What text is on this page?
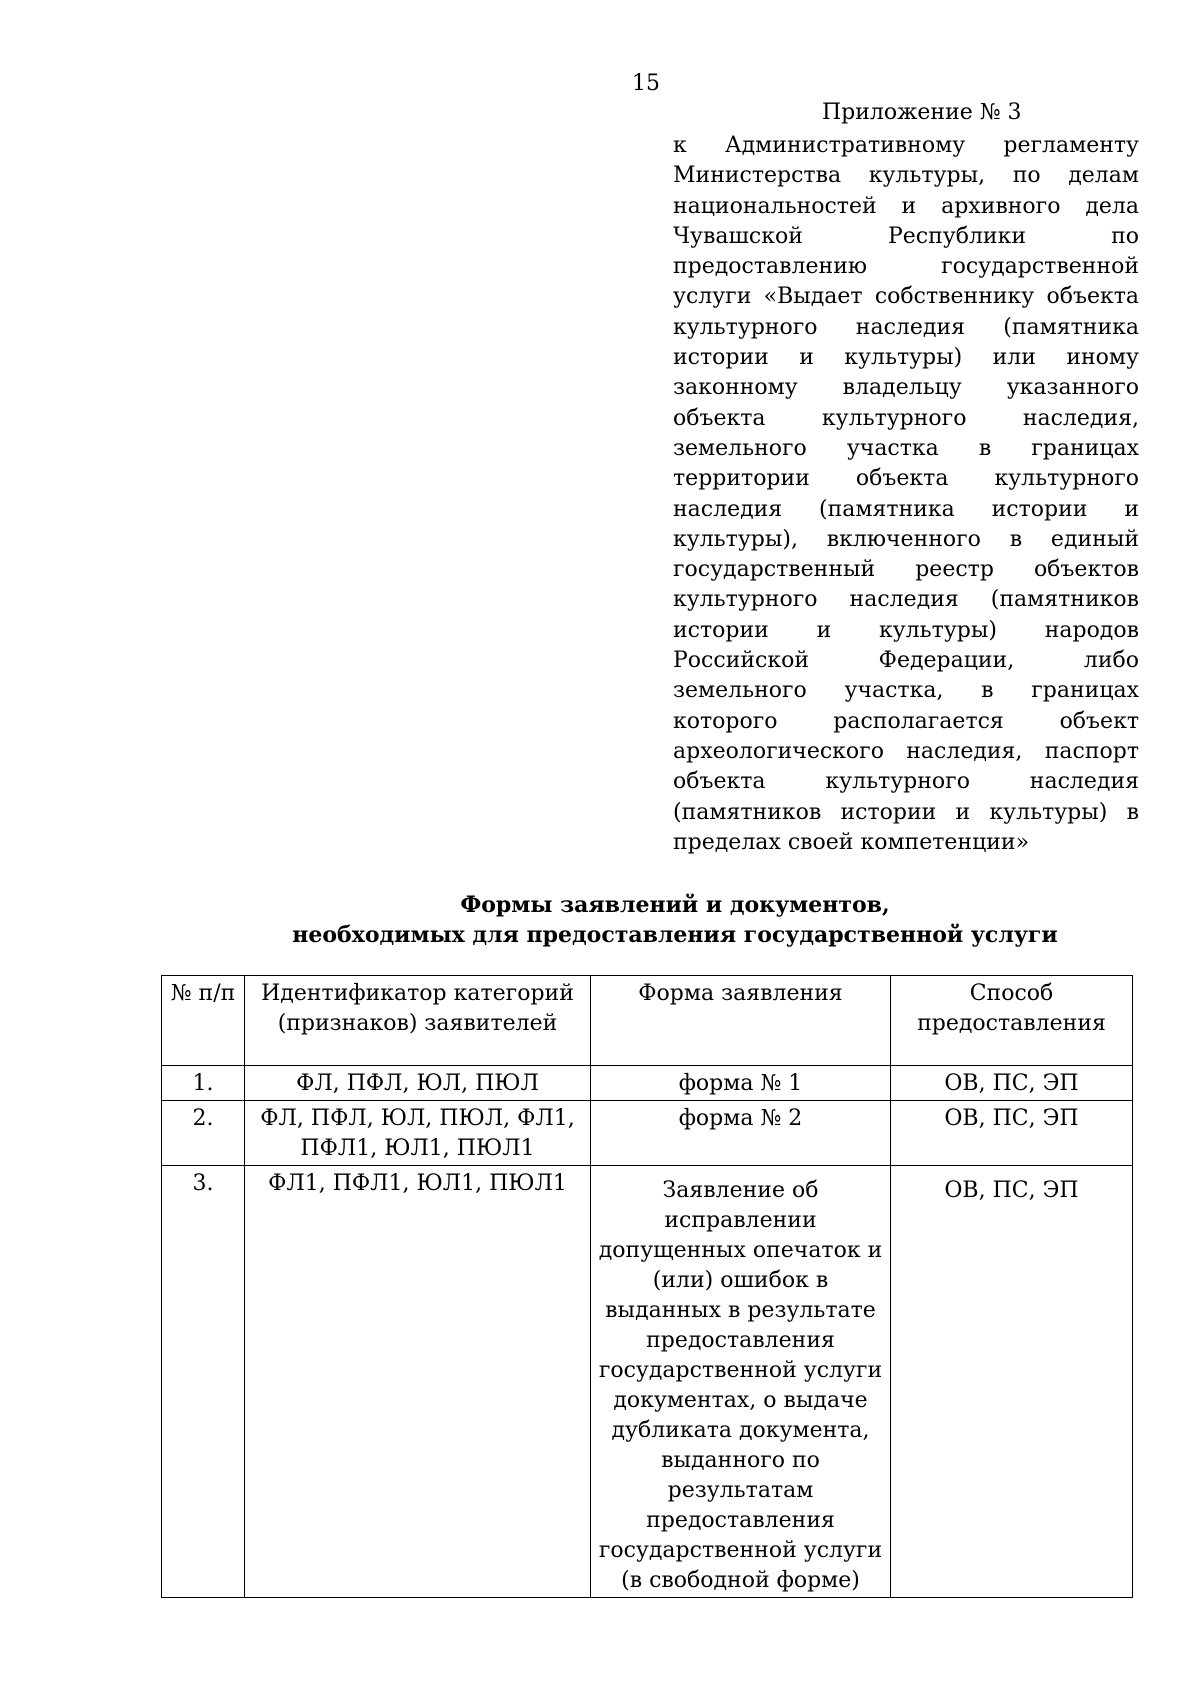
15
Приложение № 3
к Административному регламенту Министерства культуры, по делам национальностей и архивного дела Чувашской Республики по предоставлению государственной услуги «Выдает собственнику объекта культурного наследия (памятника истории и культуры) или иному законному владельцу указанного объекта культурного наследия, земельного участка в границах территории объекта культурного наследия (памятника истории и культуры), включенного в единый государственный реестр объектов культурного наследия (памятников истории и культуры) народов Российской Федерации, либо земельного участка, в границах которого располагается объект археологического наследия, паспорт объекта культурного наследия (памятников истории и культуры) в пределах своей компетенции»
Формы заявлений и документов,
необходимых для предоставления государственной услуги
№ п/п	Идентификатор категорий (признаков) заявителей	Форма заявления	Способ предоставления
1.	ФЛ, ПФЛ, ЮЛ, ПЮЛ	форма № 1	ОВ, ПС, ЭП
2.	ФЛ, ПФЛ, ЮЛ, ПЮЛ, ФЛ1, ПФЛ1, ЮЛ1, ПЮЛ1	форма № 2	ОВ, ПС, ЭП
3.	ФЛ1, ПФЛ1, ЮЛ1, ПЮЛ1	Заявление об исправлении допущенных опечаток и (или) ошибок в выданных в результате предоставления государственной услуги документах, о выдаче дубликата документа, выданного по результатам предоставления государственной услуги (в свободной форме)	ОВ, ПС, ЭП
